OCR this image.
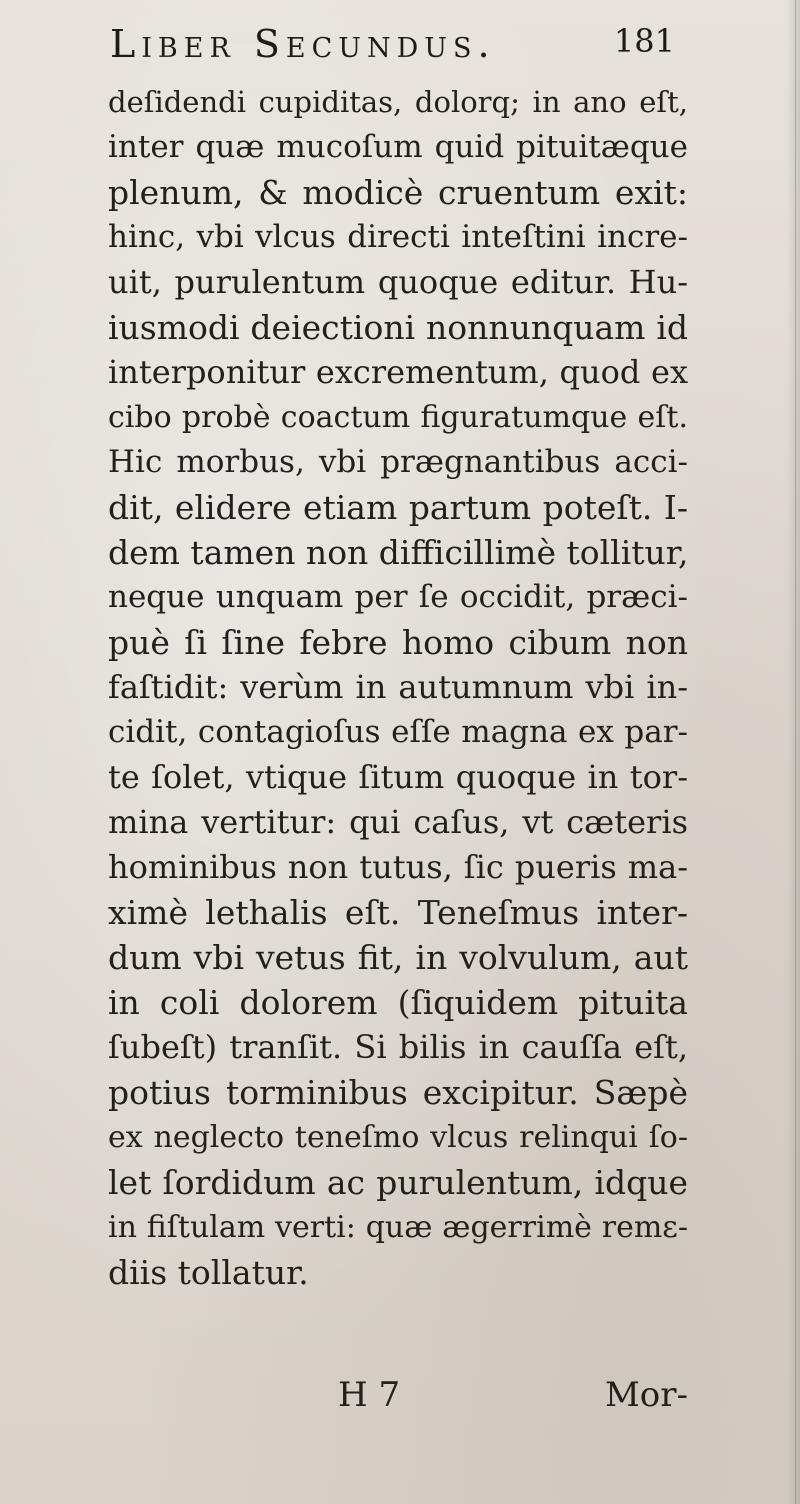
Liber Secundus.	181
deſidendi cupiditas, dolorq; in ano eſt,
inter quæ mucoſum quid pituitæque
plenum, & modicè cruentum exit:
hinc, vbi vlcus directi inteſtini incre-
uit, purulentum quoque editur. Hu-
iusmodi deiectioni nonnunquam id
interponitur excrementum, quod ex
cibo probè coactum figuratumque eſt.
Hic morbus, vbi prægnantibus acci-
dit, elidere etiam partum poteſt. I-
dem tamen non difficillimè tollitur,
neque unquam per ſe occidit, præci-
puè ſi ſine febre homo cibum non
faſtidit: verùm in autumnum vbi in-
cidit, contagioſus eſſe magna ex par-
te ſolet, vtique ſitum quoque in tor-
mina vertitur: qui caſus, vt cæteris
hominibus non tutus, ſic pueris ma-
ximè lethalis eſt. Teneſmus inter-
dum vbi vetus fit, in volvulum, aut
in coli dolorem (ſiquidem pituita
ſubeſt) tranſit. Si bilis in cauſſa eſt,
potius torminibus excipitur. Sæpè
ex neglecto teneſmo vlcus relinqui ſo-
let ſordidum ac purulentum, idque
in fiſtulam verti: quæ ægerrimè remε-
diis tollatur.
H 7	Mor-
